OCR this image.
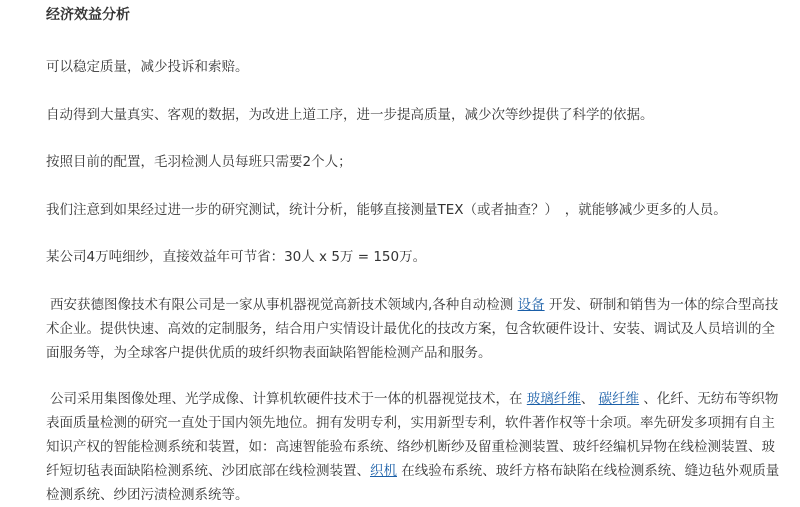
经济效益分析

可以稳定质量，减少投诉和索赔。

自动得到大量真实、客观的数据，为改进上道工序，进一步提高质量，减少次等纱提供了科学的依据。

按照目前的配置，毛羽检测人员每班只需要2个人；

我们注意到如果经过进一步的研究测试，统计分析，能够直接测量TEX（或者抽查？）　，就能够减少更多的人员。

某公司4万吨细纱，直接效益年可节省：30人 x 5万 = 150万。

西安获德图像技术有限公司是一家从事机器视觉高新技术领域内,各种自动检测 设备 开发、研制和销售为一体的综合型高技术企业。提供快速、高效的定制服务，结合用户实情设计最优化的技改方案，包含软硬件设计、安装、调试及人员培训的全面服务等，为全球客户提供优质的玻纤织物表面缺陷智能检测产品和服务。

公司采用集图像处理、光学成像、计算机软硬件技术于一体的机器视觉技术，在 玻璃纤维、 碳纤维 、化纤、无纺布等织物表面质量检测的研究一直处于国内领先地位。拥有发明专利，实用新型专利，软件著作权等十余项。率先研发多项拥有自主知识产权的智能检测系统和装置，如：高速智能验布系统、络纱机断纱及留重检测装置、玻纤经编机异物在线检测装置、玻纤短切毡表面缺陷检测系统、沙团底部在线检测装置、织机 在线验布系统、玻纤方格布缺陷在线检测系统、缝边毡外观质量检测系统、纱团污渍检测系统等。
